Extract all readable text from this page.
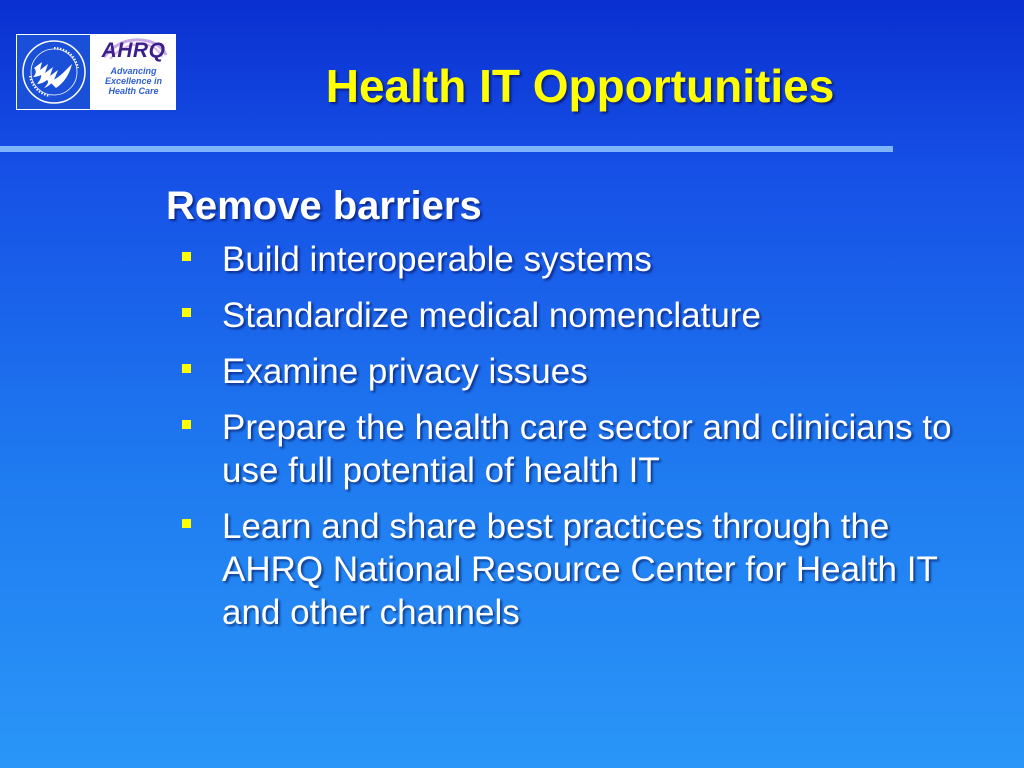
AHRQ
Advancing Excellence in Health Care	Health IT Opportunities
Remove barriers
Build interoperable systems
Standardize medical nomenclature
Examine privacy issues
Prepare the health care sector and clinicians to use full potential of health IT
Learn and share best practices through the AHRQ National Resource Center for Health IT and other channels
